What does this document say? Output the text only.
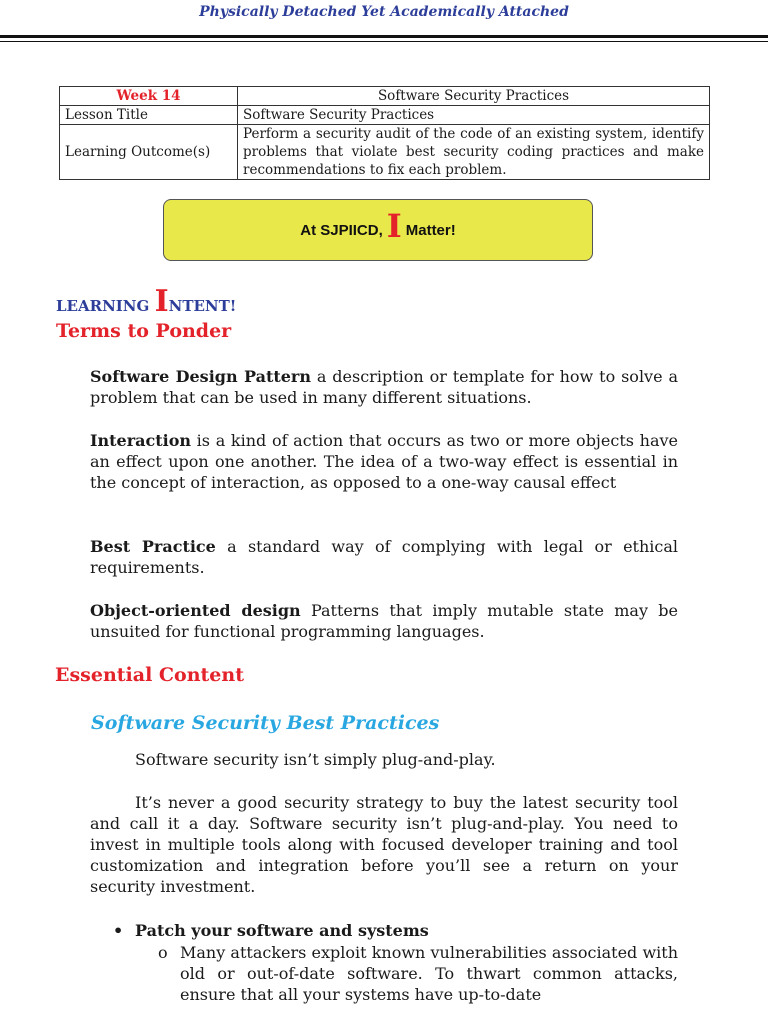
Physically Detached Yet Academically Attached
Week 14	Software Security Practices
Lesson Title	Software Security Practices
Learning Outcome(s)	Perform a security audit of the code of an existing system, identify problems that violate best security coding practices and make recommendations to fix each problem.
At SJPIICD, I Matter!
LEARNING INTENT!
Terms to Ponder
Software Design Pattern a description or template for how to solve a problem that can be used in many different situations.
Interaction is a kind of action that occurs as two or more objects have an effect upon one another. The idea of a two-way effect is essential in the concept of interaction, as opposed to a one-way causal effect
Best Practice a standard way of complying with legal or ethical requirements.
Object-oriented design Patterns that imply mutable state may be unsuited for functional programming languages.
Essential Content
Software Security Best Practices
Software security isn’t simply plug-and-play.
It’s never a good security strategy to buy the latest security tool and call it a day. Software security isn’t plug-and-play. You need to invest in multiple tools along with focused developer training and tool customization and integration before you’ll see a return on your security investment.
• Patch your software and systems
o Many attackers exploit known vulnerabilities associated with old or out-of-date software. To thwart common attacks, ensure that all your systems have up-to-date
